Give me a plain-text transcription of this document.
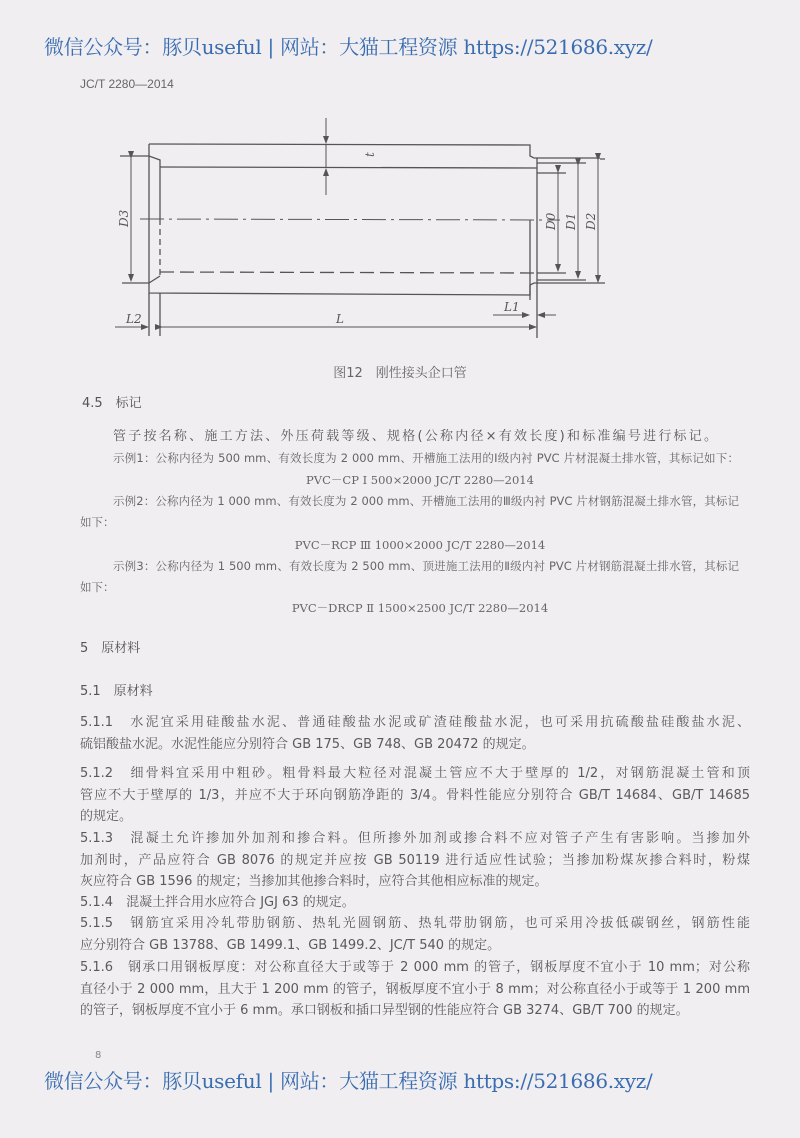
微信公众号：豚贝useful | 网站：大猫工程资源 https://521686.xyz/
JC/T 2280—2014
t
D3	D0 D1 D2
L
L2
L1
图12　刚性接头企口管
4.5　标记
管子按名称、施工方法、外压荷载等级、规格(公称内径×有效长度)和标准编号进行标记。
示例1：公称内径为 500 mm、有效长度为 2 000 mm、开槽施工法用的Ⅰ级内衬 PVC 片材混凝土排水管，其标记如下：
PVC－CP Ⅰ 500×2000 JC/T 2280—2014
示例2：公称内径为 1 000 mm、有效长度为 2 000 mm、开槽施工法用的Ⅲ级内衬 PVC 片材钢筋混凝土排水管，其标记
如下：
PVC－RCP Ⅲ 1000×2000 JC/T 2280—2014
示例3：公称内径为 1 500 mm、有效长度为 2 500 mm、顶进施工法用的Ⅱ级内衬 PVC 片材钢筋混凝土排水管，其标记
如下：
PVC－DRCP Ⅱ 1500×2500 JC/T 2280—2014
5　原材料
5.1　原材料
5.1.1　水泥宜采用硅酸盐水泥、普通硅酸盐水泥或矿渣硅酸盐水泥，也可采用抗硫酸盐硅酸盐水泥、
硫铝酸盐水泥。水泥性能应分别符合 GB 175、GB 748、GB 20472 的规定。
5.1.2　细骨料宜采用中粗砂。粗骨料最大粒径对混凝土管应不大于壁厚的 1/2，对钢筋混凝土管和顶
管应不大于壁厚的 1/3，并应不大于环向钢筋净距的 3/4。骨料性能应分别符合 GB/T 14684、GB/T 14685
的规定。
5.1.3　混凝土允许掺加外加剂和掺合料。但所掺外加剂或掺合料不应对管子产生有害影响。当掺加外
加剂时，产品应符合 GB 8076 的规定并应按 GB 50119 进行适应性试验；当掺加粉煤灰掺合料时，粉煤
灰应符合 GB 1596 的规定；当掺加其他掺合料时，应符合其他相应标准的规定。
5.1.4　混凝土拌合用水应符合 JGJ 63 的规定。
5.1.5　钢筋宜采用冷轧带肋钢筋、热轧光圆钢筋、热轧带肋钢筋，也可采用冷拔低碳钢丝，钢筋性能
应分别符合 GB 13788、GB 1499.1、GB 1499.2、JC/T 540 的规定。
5.1.6　钢承口用钢板厚度：对公称直径大于或等于 2 000 mm 的管子，钢板厚度不宜小于 10 mm；对公称
直径小于 2 000 mm，且大于 1 200 mm 的管子，钢板厚度不宜小于 8 mm；对公称直径小于或等于 1 200 mm
的管子，钢板厚度不宜小于 6 mm。承口钢板和插口异型钢的性能应符合 GB 3274、GB/T 700 的规定。
8
微信公众号：豚贝useful | 网站：大猫工程资源 https://521686.xyz/
